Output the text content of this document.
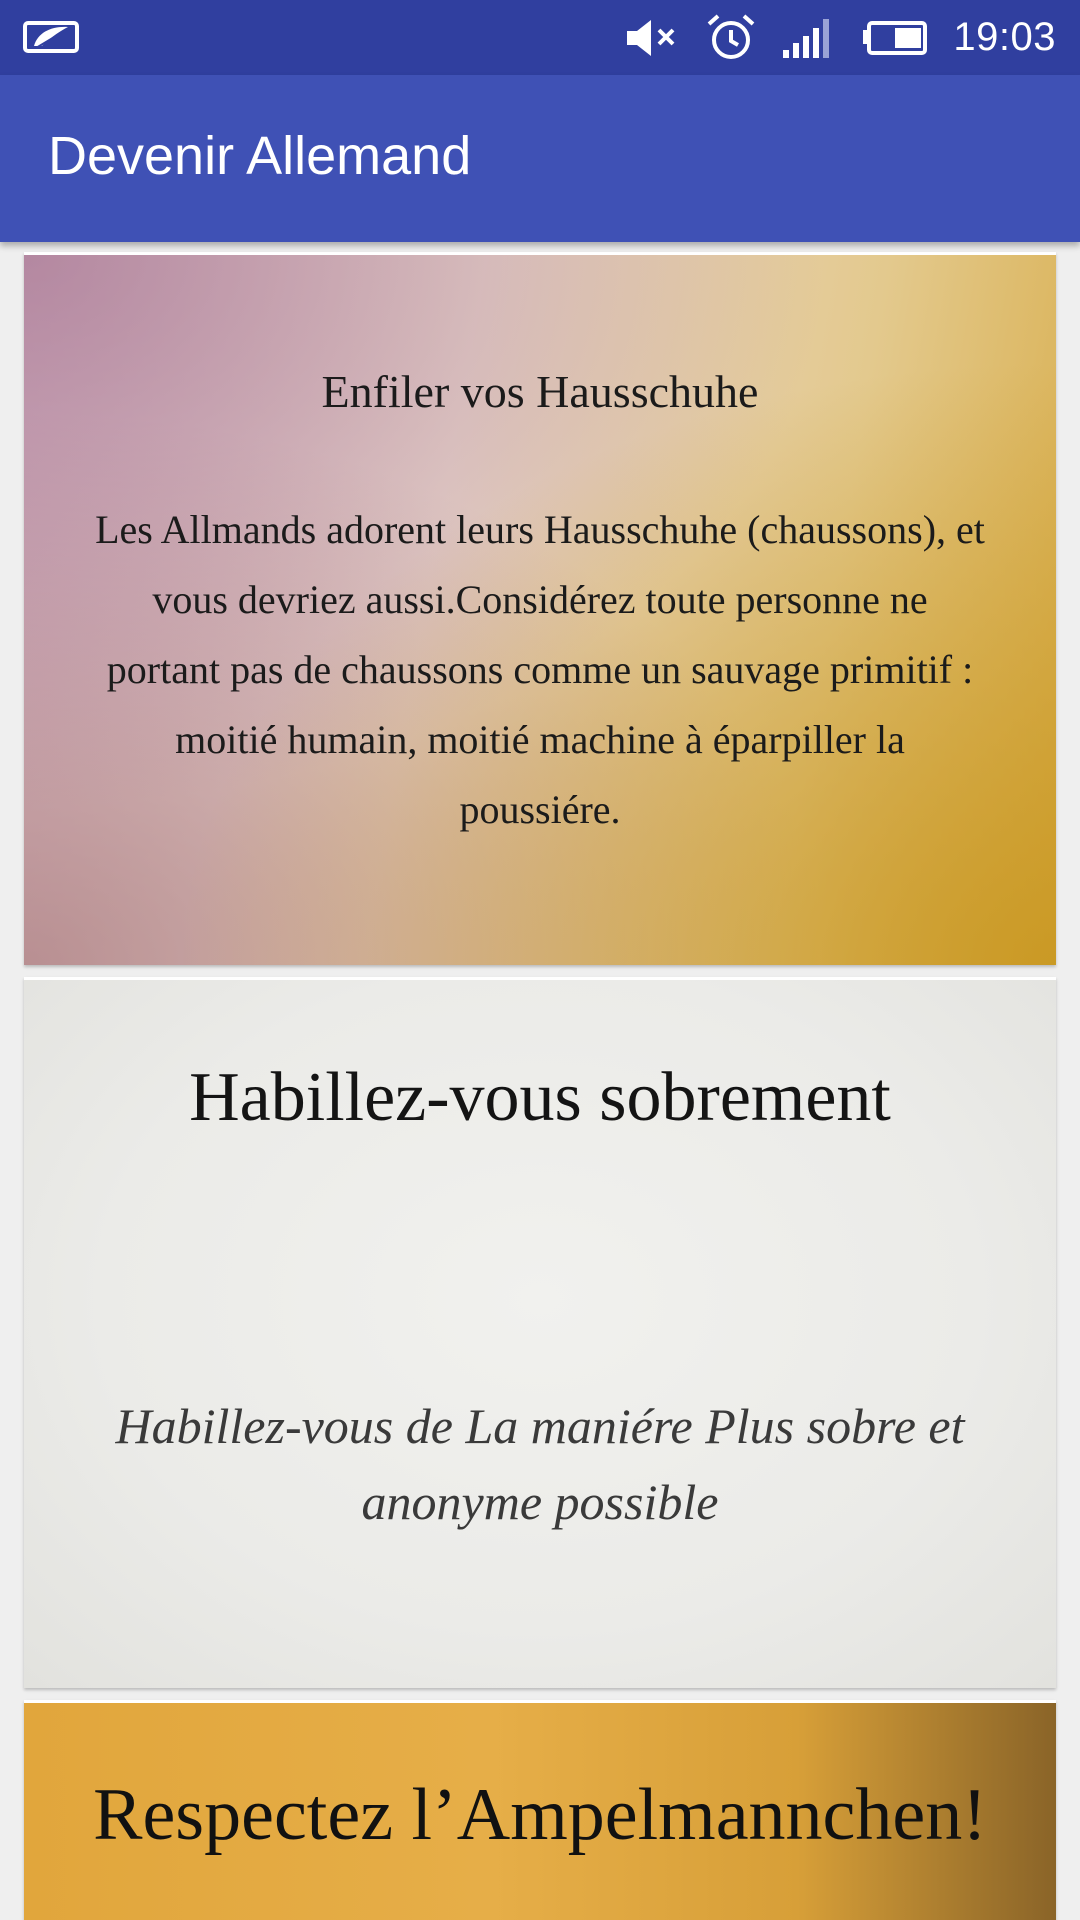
19:03
Devenir Allemand

Enfiler vos Hausschuhe

Les Allmands adorent leurs Hausschuhe (chaussons), et vous devriez aussi.Considérez toute personne ne portant pas de chaussons comme un sauvage primitif : moitié humain, moitié machine à éparpiller la poussiére.

Habillez-vous sobrement

Habillez-vous de La maniére Plus sobre et anonyme possible

Respectez l’Ampelmannchen!
